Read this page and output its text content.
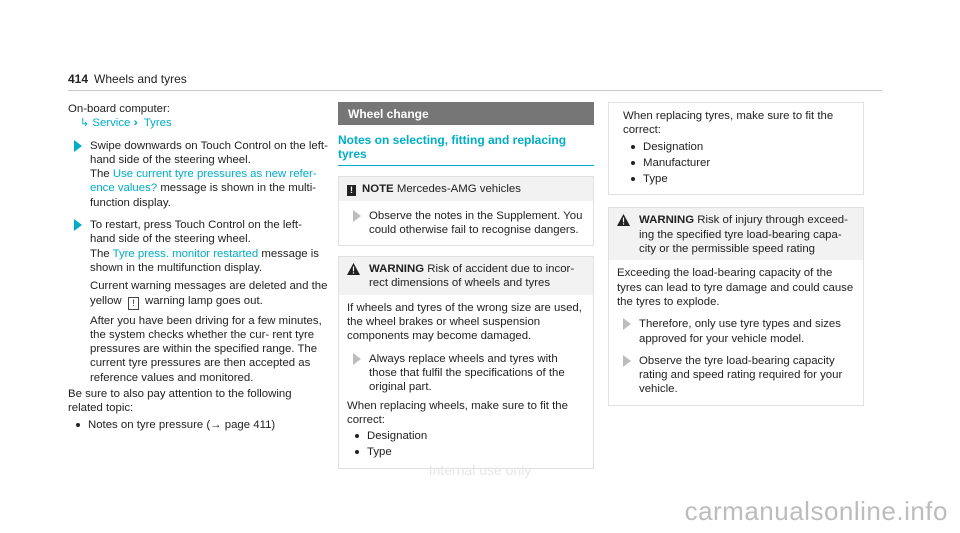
414 Wheels and tyres
On-board computer:
↳ Service ›› Tyres
Swipe downwards on Touch Control on the left-hand side of the steering wheel.
The Use current tyre pressures as new refer- ence values? message is shown in the multi- function display.
To restart, press Touch Control on the left- hand side of the steering wheel.
The Tyre press. monitor restarted message is shown in the multifunction display.
Current warning messages are deleted and the yellow ! warning lamp goes out.
After you have been driving for a few minutes, the system checks whether the cur- rent tyre pressures are within the specified range. The current tyre pressures are then accepted as reference values and monitored.
Be sure to also pay attention to the following related topic:
Notes on tyre pressure (→ page 411)
Wheel change
Notes on selecting, fitting and replacing tyres
! NOTE Mercedes-AMG vehicles
Observe the notes in the Supplement. You could otherwise fail to recognise dangers.
WARNING Risk of accident due to incor- rect dimensions of wheels and tyres
If wheels and tyres of the wrong size are used, the wheel brakes or wheel suspension components may become damaged.
Always replace wheels and tyres with those that fulfil the specifications of the original part.
When replacing wheels, make sure to fit the correct:
Designation
Type
When replacing tyres, make sure to fit the correct:
Designation
Manufacturer
Type
WARNING Risk of injury through exceed- ing the specified tyre load-bearing capa- city or the permissible speed rating
Exceeding the load-bearing capacity of the tyres can lead to tyre damage and could cause the tyres to explode.
Therefore, only use tyre types and sizes approved for your vehicle model.
Observe the tyre load-bearing capacity rating and speed rating required for your vehicle.
Internal use only
carmanualsonline.info
